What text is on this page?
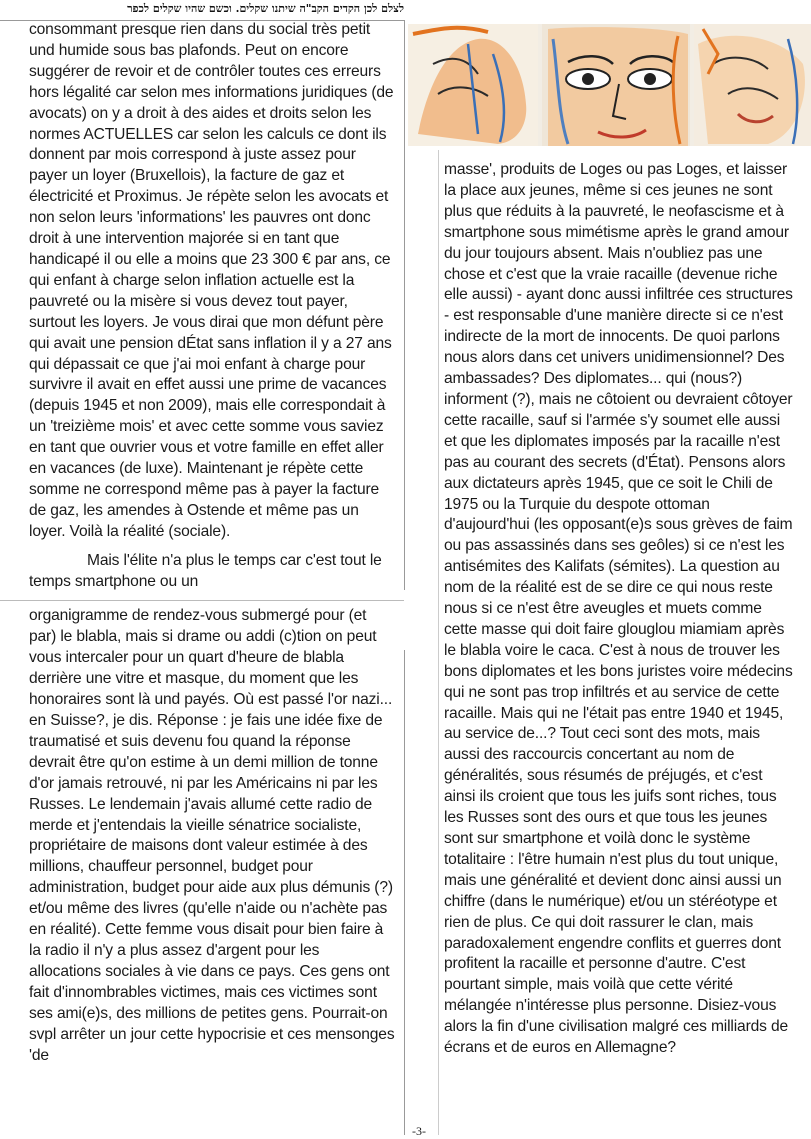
לצלם לכן הקדים הקב"ה שיתנו שקלים. וכשם שהיו שקלים לכפר

consommant presque rien dans du social très petit und humide sous bas plafonds. Peut on encore suggérer de revoir et de contrôler toutes ces erreurs hors légalité car selon mes informations juridiques (de avocats) on y a droit à des aides et droits selon les normes ACTUELLES car selon les calculs ce dont ils donnent par mois correspond à juste assez pour payer un loyer (Bruxellois), la facture de gaz et électricité et Proximus. Je répète selon les avocats et non selon leurs 'informations' les pauvres ont donc droit à une intervention majorée si en tant que handicapé il ou elle a moins que 23 300 € par ans, ce qui enfant à charge selon inflation actuelle est la pauvreté ou la misère si vous devez tout payer, surtout les loyers. Je vous dirai que mon défunt père qui avait une pension dÉtat sans inflation il y a 27 ans qui dépassait ce que j'ai moi enfant à charge pour survivre il avait en effet aussi une prime de vacances (depuis 1945 et non 2009), mais elle correspondait à un 'treizième mois' et avec cette somme vous saviez en tant que ouvrier vous et votre famille en effet aller en vacances (de luxe). Maintenant je répète cette somme ne correspond même pas à payer la facture de gaz, les amendes à Ostende et même pas un loyer. Voilà la réalité (sociale).

Mais l'élite n'a plus le temps car c'est tout le temps smartphone ou un

organigramme de rendez-vous submergé pour (et par) le blabla, mais si drame ou addi (c)tion on peut vous intercaler pour un quart d'heure de blabla derrière une vitre et masque, du moment que les honoraires sont là und payés. Où est passé l'or nazi... en Suisse?, je dis. Réponse : je fais une idée fixe de traumatisé et suis devenu fou quand la réponse devrait être qu'on estime à un demi million de tonne d'or jamais retrouvé, ni par les Américains ni par les Russes. Le lendemain j'avais allumé cette radio de merde et j'entendais la vieille sénatrice socialiste, propriétaire de maisons dont valeur estimée à des millions, chauffeur personnel, budget pour administration, budget pour aide aux plus démunis (?) et/ou même des livres (qu'elle n'aide ou n'achète pas en réalité). Cette femme vous disait pour bien faire à la radio il n'y a plus assez d'argent pour les allocations sociales à vie dans ce pays. Ces gens ont fait d'innombrables victimes, mais ces victimes sont ses ami(e)s, des millions de petites gens. Pourrait-on svpl arrêter un jour cette hypocrisie et ces mensonges 'de

masse', produits de Loges ou pas Loges, et laisser la place aux jeunes, même si ces jeunes ne sont plus que réduits à la pauvreté, le neofascisme et à smartphone sous mimétisme après le grand amour du jour toujours absent. Mais n'oubliez pas une chose et c'est que la vraie racaille (devenue riche elle aussi) - ayant donc aussi infiltrée ces structures - est responsable d'une manière directe si ce n'est indirecte de la mort de innocents. De quoi parlons nous alors dans cet univers unidimensionnel? Des ambassades? Des diplomates... qui (nous?) informent (?), mais ne côtoient ou devraient côtoyer cette racaille, sauf si l'armée s'y soumet elle aussi et que les diplomates imposés par la racaille n'est pas au courant des secrets (d'État). Pensons alors aux dictateurs après 1945, que ce soit le Chili de 1975 ou la Turquie du despote ottoman d'aujourd'hui (les opposant(e)s sous grèves de faim ou pas assassinés dans ses geôles) si ce n'est les antisémites des Kalifats (sémites). La question au nom de la réalité est de se dire ce qui nous reste nous si ce n'est être aveugles et muets comme cette masse qui doit faire glouglou miamiam après le blabla voire le caca. C'est à nous de trouver les bons diplomates et les bons juristes voire médecins qui ne sont pas trop infiltrés et au service de cette racaille. Mais qui ne l'était pas entre 1940 et 1945, au service de...? Tout ceci sont des mots, mais aussi des raccourcis concertant au nom de généralités, sous résumés de préjugés, et c'est ainsi ils croient que tous les juifs sont riches, tous les Russes sont des ours et que tous les jeunes sont sur smartphone et voilà donc le système totalitaire : l'être humain n'est plus du tout unique, mais une généralité et devient donc ainsi aussi un chiffre (dans le numérique) et/ou un stéréotype et rien de plus. Ce qui doit rassurer le clan, mais paradoxalement engendre conflits et guerres dont profitent la racaille et personne d'autre. C'est pourtant simple, mais voilà que cette vérité mélangée n'intéresse plus personne. Disiez-vous alors la fin d'une civilisation malgré ces milliards de écrans et de euros en Allemagne?

-3-
